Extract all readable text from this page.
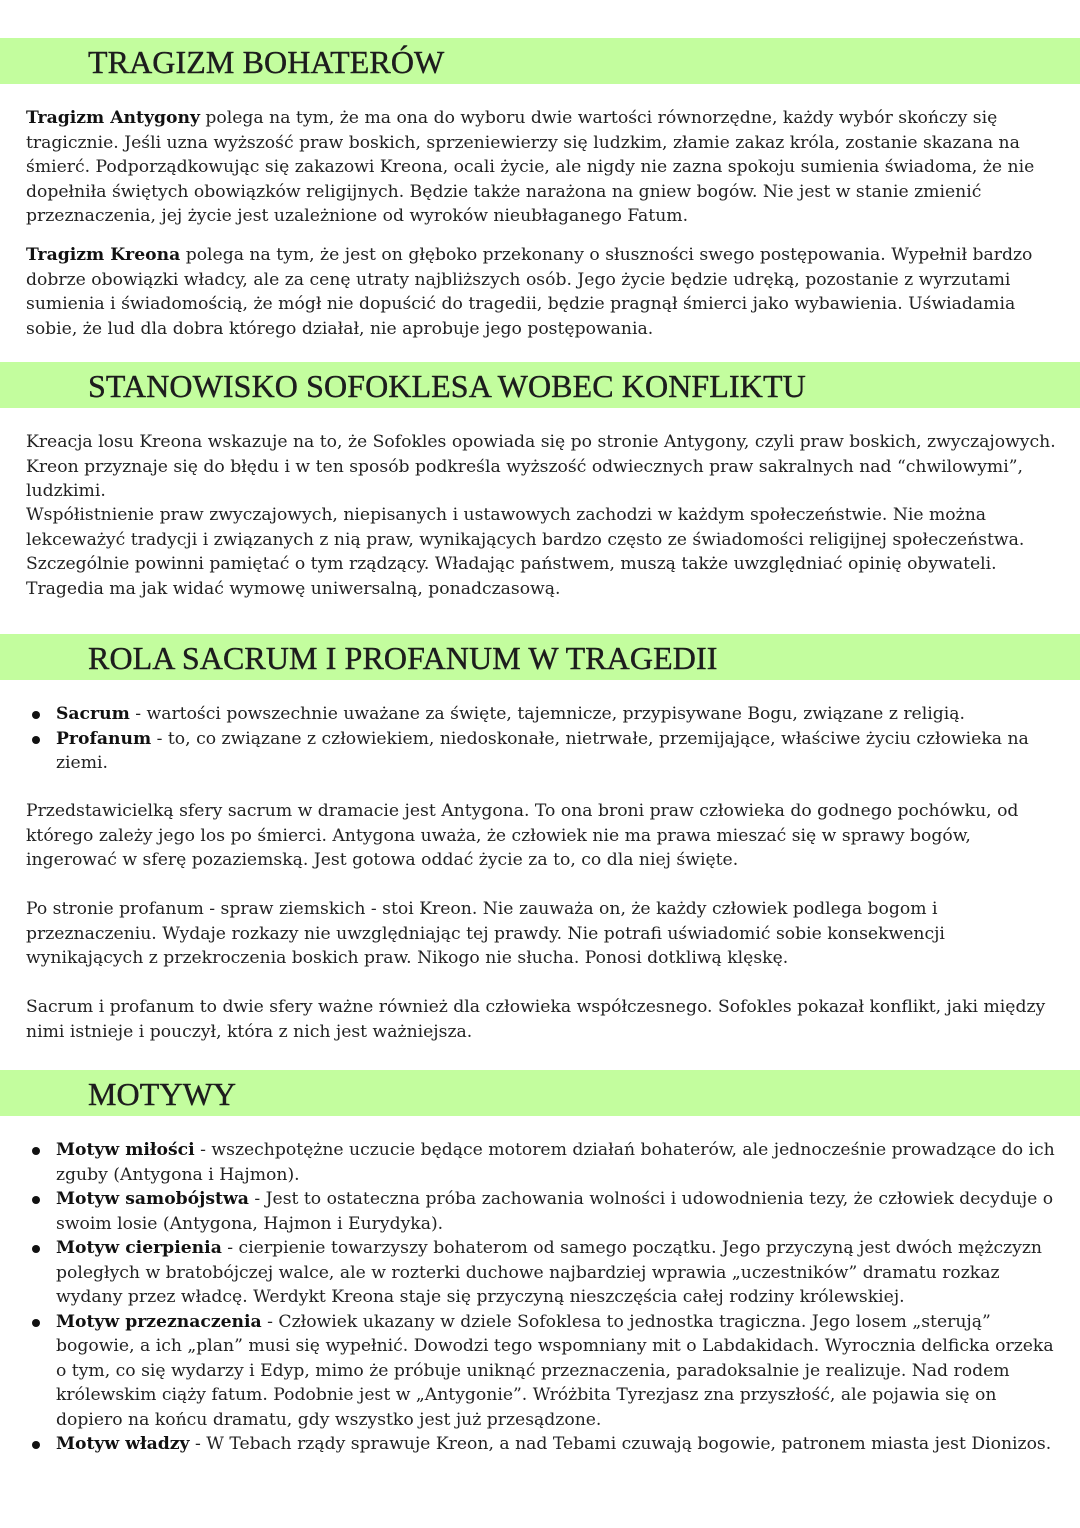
TRAGIZM BOHATERÓW

Tragizm Antygony polega na tym, że ma ona do wyboru dwie wartości równorzędne, każdy wybór skończy się tragicznie. Jeśli uzna wyższość praw boskich, sprzeniewierzy się ludzkim, złamie zakaz króla, zostanie skazana na śmierć. Podporządkowując się zakazowi Kreona, ocali życie, ale nigdy nie zazna spokoju sumienia świadoma, że nie dopełniła świętych obowiązków religijnych. Będzie także narażona na gniew bogów. Nie jest w stanie zmienić przeznaczenia, jej życie jest uzależnione od wyroków nieubłaganego Fatum.

Tragizm Kreona polega na tym, że jest on głęboko przekonany o słuszności swego postępowania. Wypełnił bardzo dobrze obowiązki władcy, ale za cenę utraty najbliższych osób. Jego życie będzie udręką, pozostanie z wyrzutami sumienia i świadomością, że mógł nie dopuścić do tragedii, będzie pragnął śmierci jako wybawienia. Uświadamia sobie, że lud dla dobra którego działał, nie aprobuje jego postępowania.

STANOWISKO SOFOKLESA WOBEC KONFLIKTU

Kreacja losu Kreona wskazuje na to, że Sofokles opowiada się po stronie Antygony, czyli praw boskich, zwyczajowych. Kreon przyznaje się do błędu i w ten sposób podkreśla wyższość odwiecznych praw sakralnych nad “chwilowymi”, ludzkimi.

Współistnienie praw zwyczajowych, niepisanych i ustawowych zachodzi w każdym społeczeństwie. Nie można lekceważyć tradycji i związanych z nią praw, wynikających bardzo często ze świadomości religijnej społeczeństwa. Szczególnie powinni pamiętać o tym rządzący. Władając państwem, muszą także uwzględniać opinię obywateli. Tragedia ma jak widać wymowę uniwersalną, ponadczasową.

ROLA SACRUM I PROFANUM W TRAGEDII
Sacrum - wartości powszechnie uważane za święte, tajemnicze, przypisywane Bogu, związane z religią.
Profanum - to, co związane z człowiekiem, niedoskonałe, nietrwałe, przemijające, właściwe życiu człowieka na ziemi.

Przedstawicielką sfery sacrum w dramacie jest Antygona. To ona broni praw człowieka do godnego pochówku, od którego zależy jego los po śmierci. Antygona uważa, że człowiek nie ma prawa mieszać się w sprawy bogów, ingerować w sferę pozaziemską. Jest gotowa oddać życie za to, co dla niej święte.

Po stronie profanum - spraw ziemskich - stoi Kreon. Nie zauważa on, że każdy człowiek podlega bogom i przeznaczeniu. Wydaje rozkazy nie uwzględniając tej prawdy. Nie potrafi uświadomić sobie konsekwencji wynikających z przekroczenia boskich praw. Nikogo nie słucha. Ponosi dotkliwą klęskę.

Sacrum i profanum to dwie sfery ważne również dla człowieka współczesnego. Sofokles pokazał konflikt, jaki między nimi istnieje i pouczył, która z nich jest ważniejsza.

MOTYWY
Motyw miłości - wszechpotężne uczucie będące motorem działań bohaterów, ale jednocześnie prowadzące do ich zguby (Antygona i Hajmon).
Motyw samobójstwa - Jest to ostateczna próba zachowania wolności i udowodnienia tezy, że człowiek decyduje o swoim losie (Antygona, Hajmon i Eurydyka).
Motyw cierpienia - cierpienie towarzyszy bohaterom od samego początku. Jego przyczyną jest dwóch mężczyzn poległych w bratobójczej walce, ale w rozterki duchowe najbardziej wprawia „uczestników” dramatu rozkaz wydany przez władcę. Werdykt Kreona staje się przyczyną nieszczęścia całej rodziny królewskiej.
Motyw przeznaczenia - Człowiek ukazany w dziele Sofoklesa to jednostka tragiczna. Jego losem „sterują” bogowie, a ich „plan” musi się wypełnić. Dowodzi tego wspomniany mit o Labdakidach. Wyrocznia delficka orzeka o tym, co się wydarzy i Edyp, mimo że próbuje uniknąć przeznaczenia, paradoksalnie je realizuje. Nad rodem królewskim ciąży fatum. Podobnie jest w „Antygonie”. Wróżbita Tyrezjasz zna przyszłość, ale pojawia się on dopiero na końcu dramatu, gdy wszystko jest już przesądzone.
Motyw władzy - W Tebach rządy sprawuje Kreon, a nad Tebami czuwają bogowie, patronem miasta jest Dionizos.
